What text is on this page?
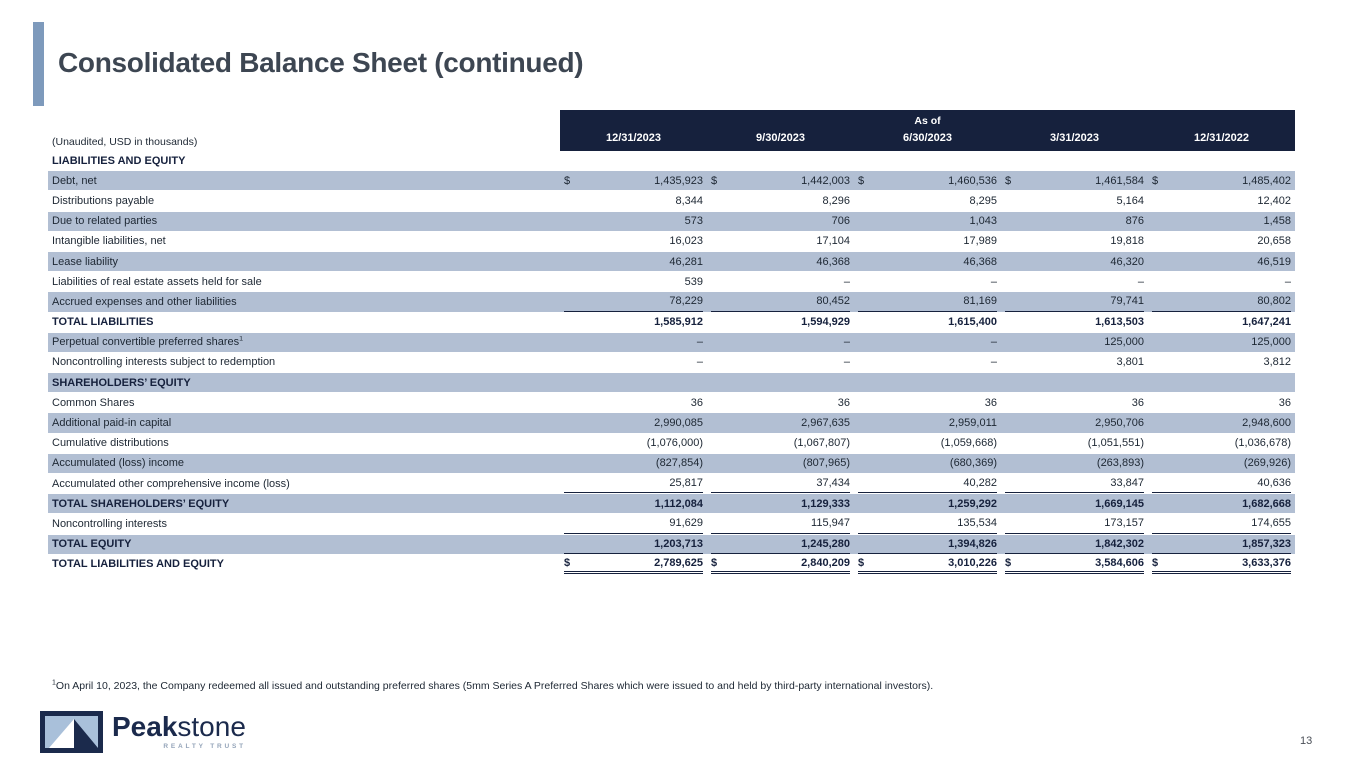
Consolidated Balance Sheet (continued)
(Unaudited, USD in thousands)
As of
12/31/2023	9/30/2023	6/30/2023	3/31/2023	12/31/2022
LIABILITIES AND EQUITY
Debt, net	$	1,435,923 $	1,442,003 $	1,460,536 $	1,461,584 $	1,485,402
Distributions payable	8,344	8,296	8,295	5,164	12,402
Due to related parties	573	706	1,043	876	1,458
Intangible liabilities, net	16,023	17,104	17,989	19,818	20,658
Lease liability	46,281	46,368	46,368	46,320	46,519
Liabilities of real estate assets held for sale	539	–	–	–	–
Accrued expenses and other liabilities	78,229	80,452	81,169	79,741	80,802
TOTAL LIABILITIES	1,585,912	1,594,929	1,615,400	1,613,503	1,647,241
Perpetual convertible preferred shares$^1$	–	–	–	125,000	125,000
Noncontrolling interests subject to redemption	–	–	–	3,801	3,812
SHAREHOLDERS’ EQUITY
Common Shares	36	36	36	36	36
Additional paid-in capital	2,990,085	2,967,635	2,959,011	2,950,706	2,948,600
Cumulative distributions	(1,076,000)	(1,067,807)	(1,059,668)	(1,051,551)	(1,036,678)
Accumulated (loss) income	(827,854)	(807,965)	(680,369)	(263,893)	(269,926)
Accumulated other comprehensive income (loss)	25,817	37,434	40,282	33,847	40,636
TOTAL SHAREHOLDERS’ EQUITY	1,112,084	1,129,333	1,259,292	1,669,145	1,682,668
Noncontrolling interests	91,629	115,947	135,534	173,157	174,655
TOTAL EQUITY	1,203,713	1,245,280	1,394,826	1,842,302	1,857,323
TOTAL LIABILITIES AND EQUITY	$	2,789,625 $	2,840,209 $	3,010,226 $	3,584,606 $	3,633,376

$^1$On April 10, 2023, the Company redeemed all issued and outstanding preferred shares (5mm Series A Preferred Shares which were issued to and held by third-party international investors).

Peakstone
REALTY TRUST	13
